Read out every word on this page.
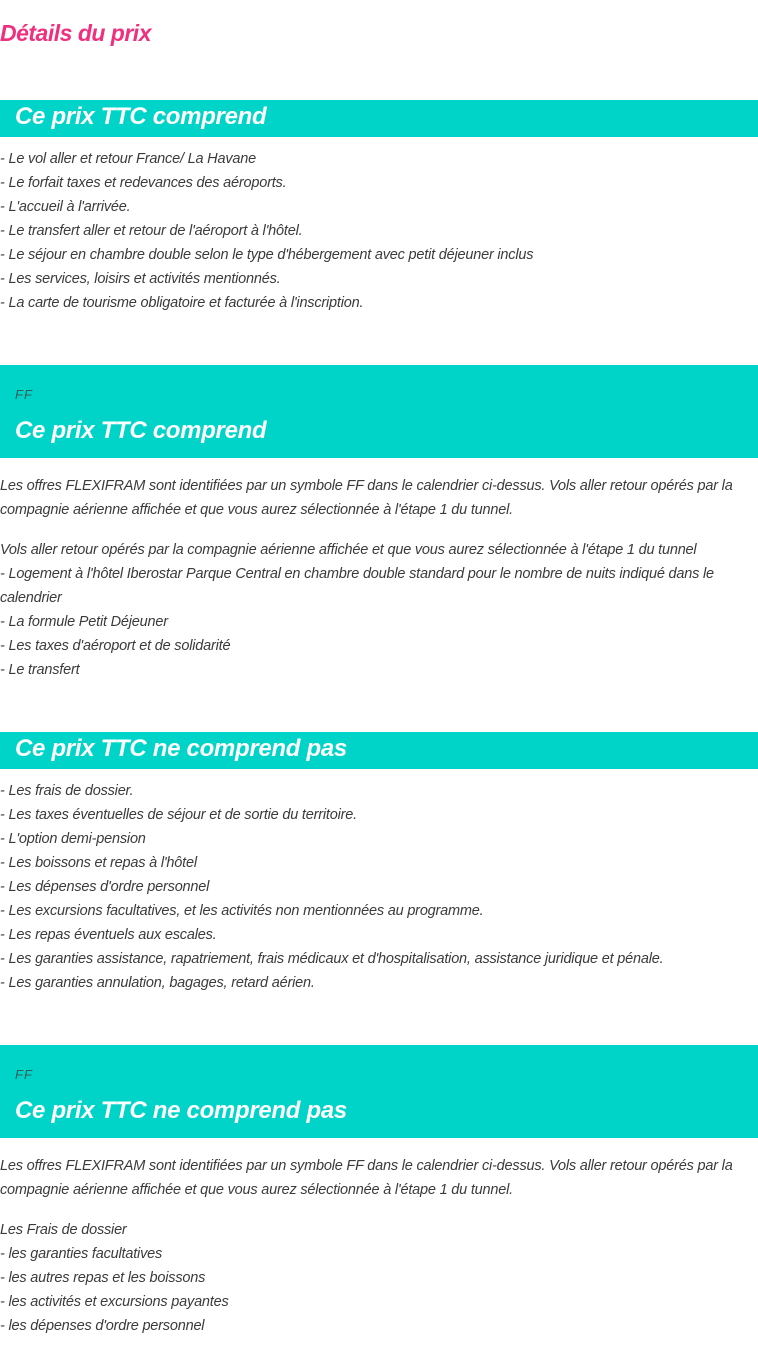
Détails du prix
Ce prix TTC comprend
- Le vol aller et retour France/ La Havane
- Le forfait taxes et redevances des aéroports.
- L'accueil à l'arrivée.
- Le transfert aller et retour de l'aéroport à l'hôtel.
- Le séjour en chambre double selon le type d'hébergement avec petit déjeuner inclus
- Les services, loisirs et activités mentionnés.
- La carte de tourisme obligatoire et facturée à l'inscription.
FF
Ce prix TTC comprend
Les offres FLEXIFRAM sont identifiées par un symbole FF dans le calendrier ci-dessus. Vols aller retour opérés par la compagnie aérienne affichée et que vous aurez sélectionnée à l'étape 1 du tunnel.
Vols aller retour opérés par la compagnie aérienne affichée et que vous aurez sélectionnée à l'étape 1 du tunnel
- Logement à l'hôtel Iberostar Parque Central en chambre double standard pour le nombre de nuits indiqué dans le calendrier
- La formule Petit Déjeuner
- Les taxes d'aéroport et de solidarité
- Le transfert
Ce prix TTC ne comprend pas
- Les frais de dossier.
- Les taxes éventuelles de séjour et de sortie du territoire.
- L'option demi-pension
- Les boissons et repas à l'hôtel
- Les dépenses d'ordre personnel
- Les excursions facultatives, et les activités non mentionnées au programme.
- Les repas éventuels aux escales.
- Les garanties assistance, rapatriement, frais médicaux et d'hospitalisation, assistance juridique et pénale.
- Les garanties annulation, bagages, retard aérien.
FF
Ce prix TTC ne comprend pas
Les offres FLEXIFRAM sont identifiées par un symbole FF dans le calendrier ci-dessus. Vols aller retour opérés par la compagnie aérienne affichée et que vous aurez sélectionnée à l'étape 1 du tunnel.
Les Frais de dossier
- les garanties facultatives
- les autres repas et les boissons
- les activités et excursions payantes
- les dépenses d'ordre personnel
